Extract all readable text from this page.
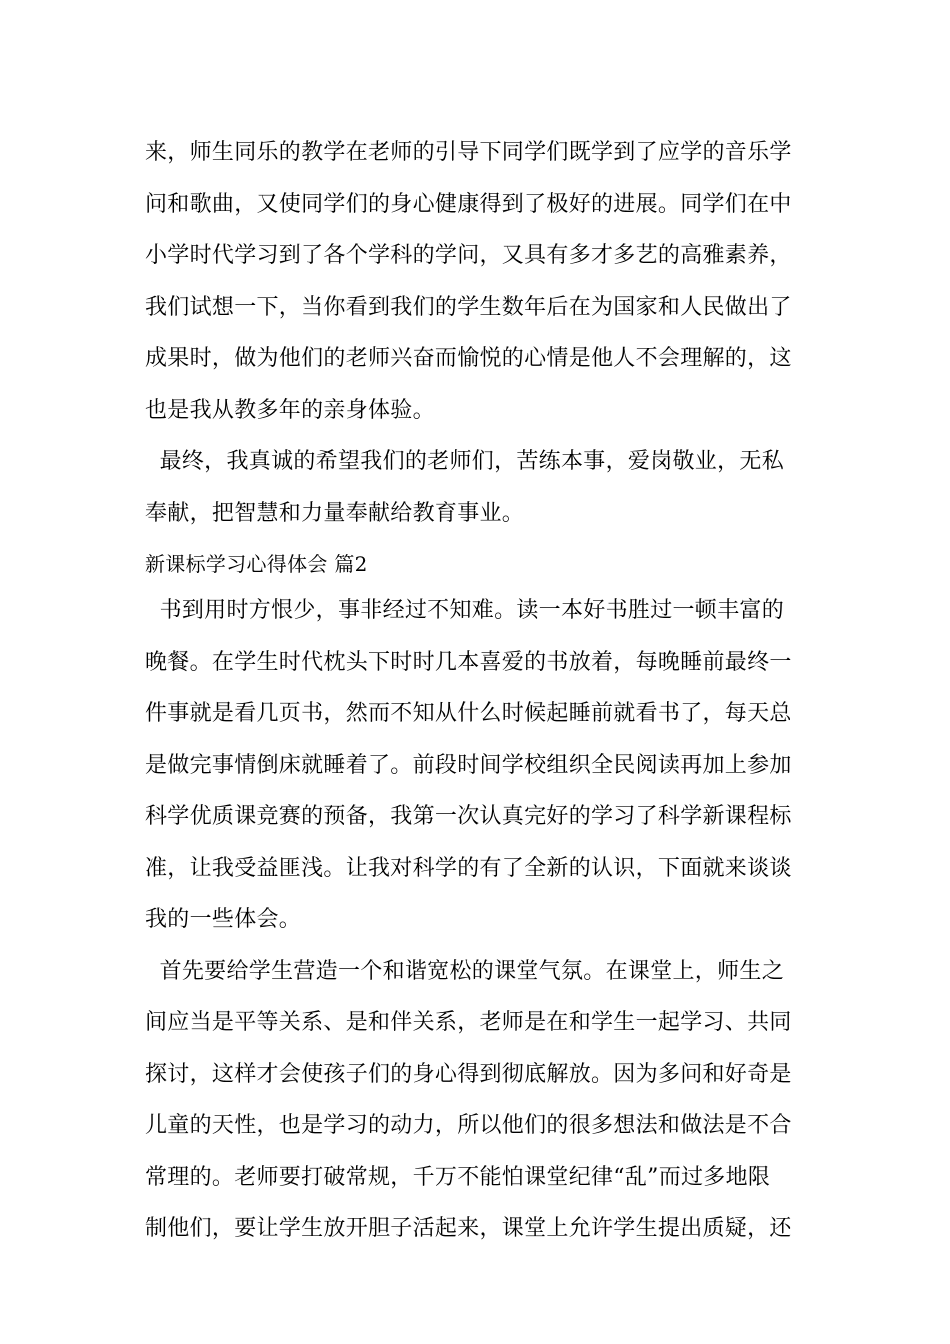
来，师生同乐的教学在老师的引导下同学们既学到了应学的音乐学
问和歌曲，又使同学们的身心健康得到了极好的进展。同学们在中
小学时代学习到了各个学科的学问，又具有多才多艺的高雅素养，
我们试想一下，当你看到我们的学生数年后在为国家和人民做出了
成果时，做为他们的老师兴奋而愉悦的心情是他人不会理解的，这
也是我从教多年的亲身体验。
最终，我真诚的希望我们的老师们，苦练本事，爱岗敬业，无私
奉献，把智慧和力量奉献给教育事业。
新课标学习心得体会 篇2
书到用时方恨少，事非经过不知难。读一本好书胜过一顿丰富的
晚餐。在学生时代枕头下时时几本喜爱的书放着，每晚睡前最终一
件事就是看几页书，然而不知从什么时候起睡前就看书了，每天总
是做完事情倒床就睡着了。前段时间学校组织全民阅读再加上参加
科学优质课竞赛的预备，我第一次认真完好的学习了科学新课程标
准，让我受益匪浅。让我对科学的有了全新的认识，下面就来谈谈
我的一些体会。
首先要给学生营造一个和谐宽松的课堂气氛。在课堂上，师生之
间应当是平等关系、是和伴关系，老师是在和学生一起学习、共同
探讨，这样才会使孩子们的身心得到彻底解放。因为多问和好奇是
儿童的天性，也是学习的动力，所以他们的很多想法和做法是不合
常理的。老师要打破常规，千万不能怕课堂纪律“乱”而过多地限
制他们，要让学生放开胆子活起来，课堂上允许学生提出质疑，还
